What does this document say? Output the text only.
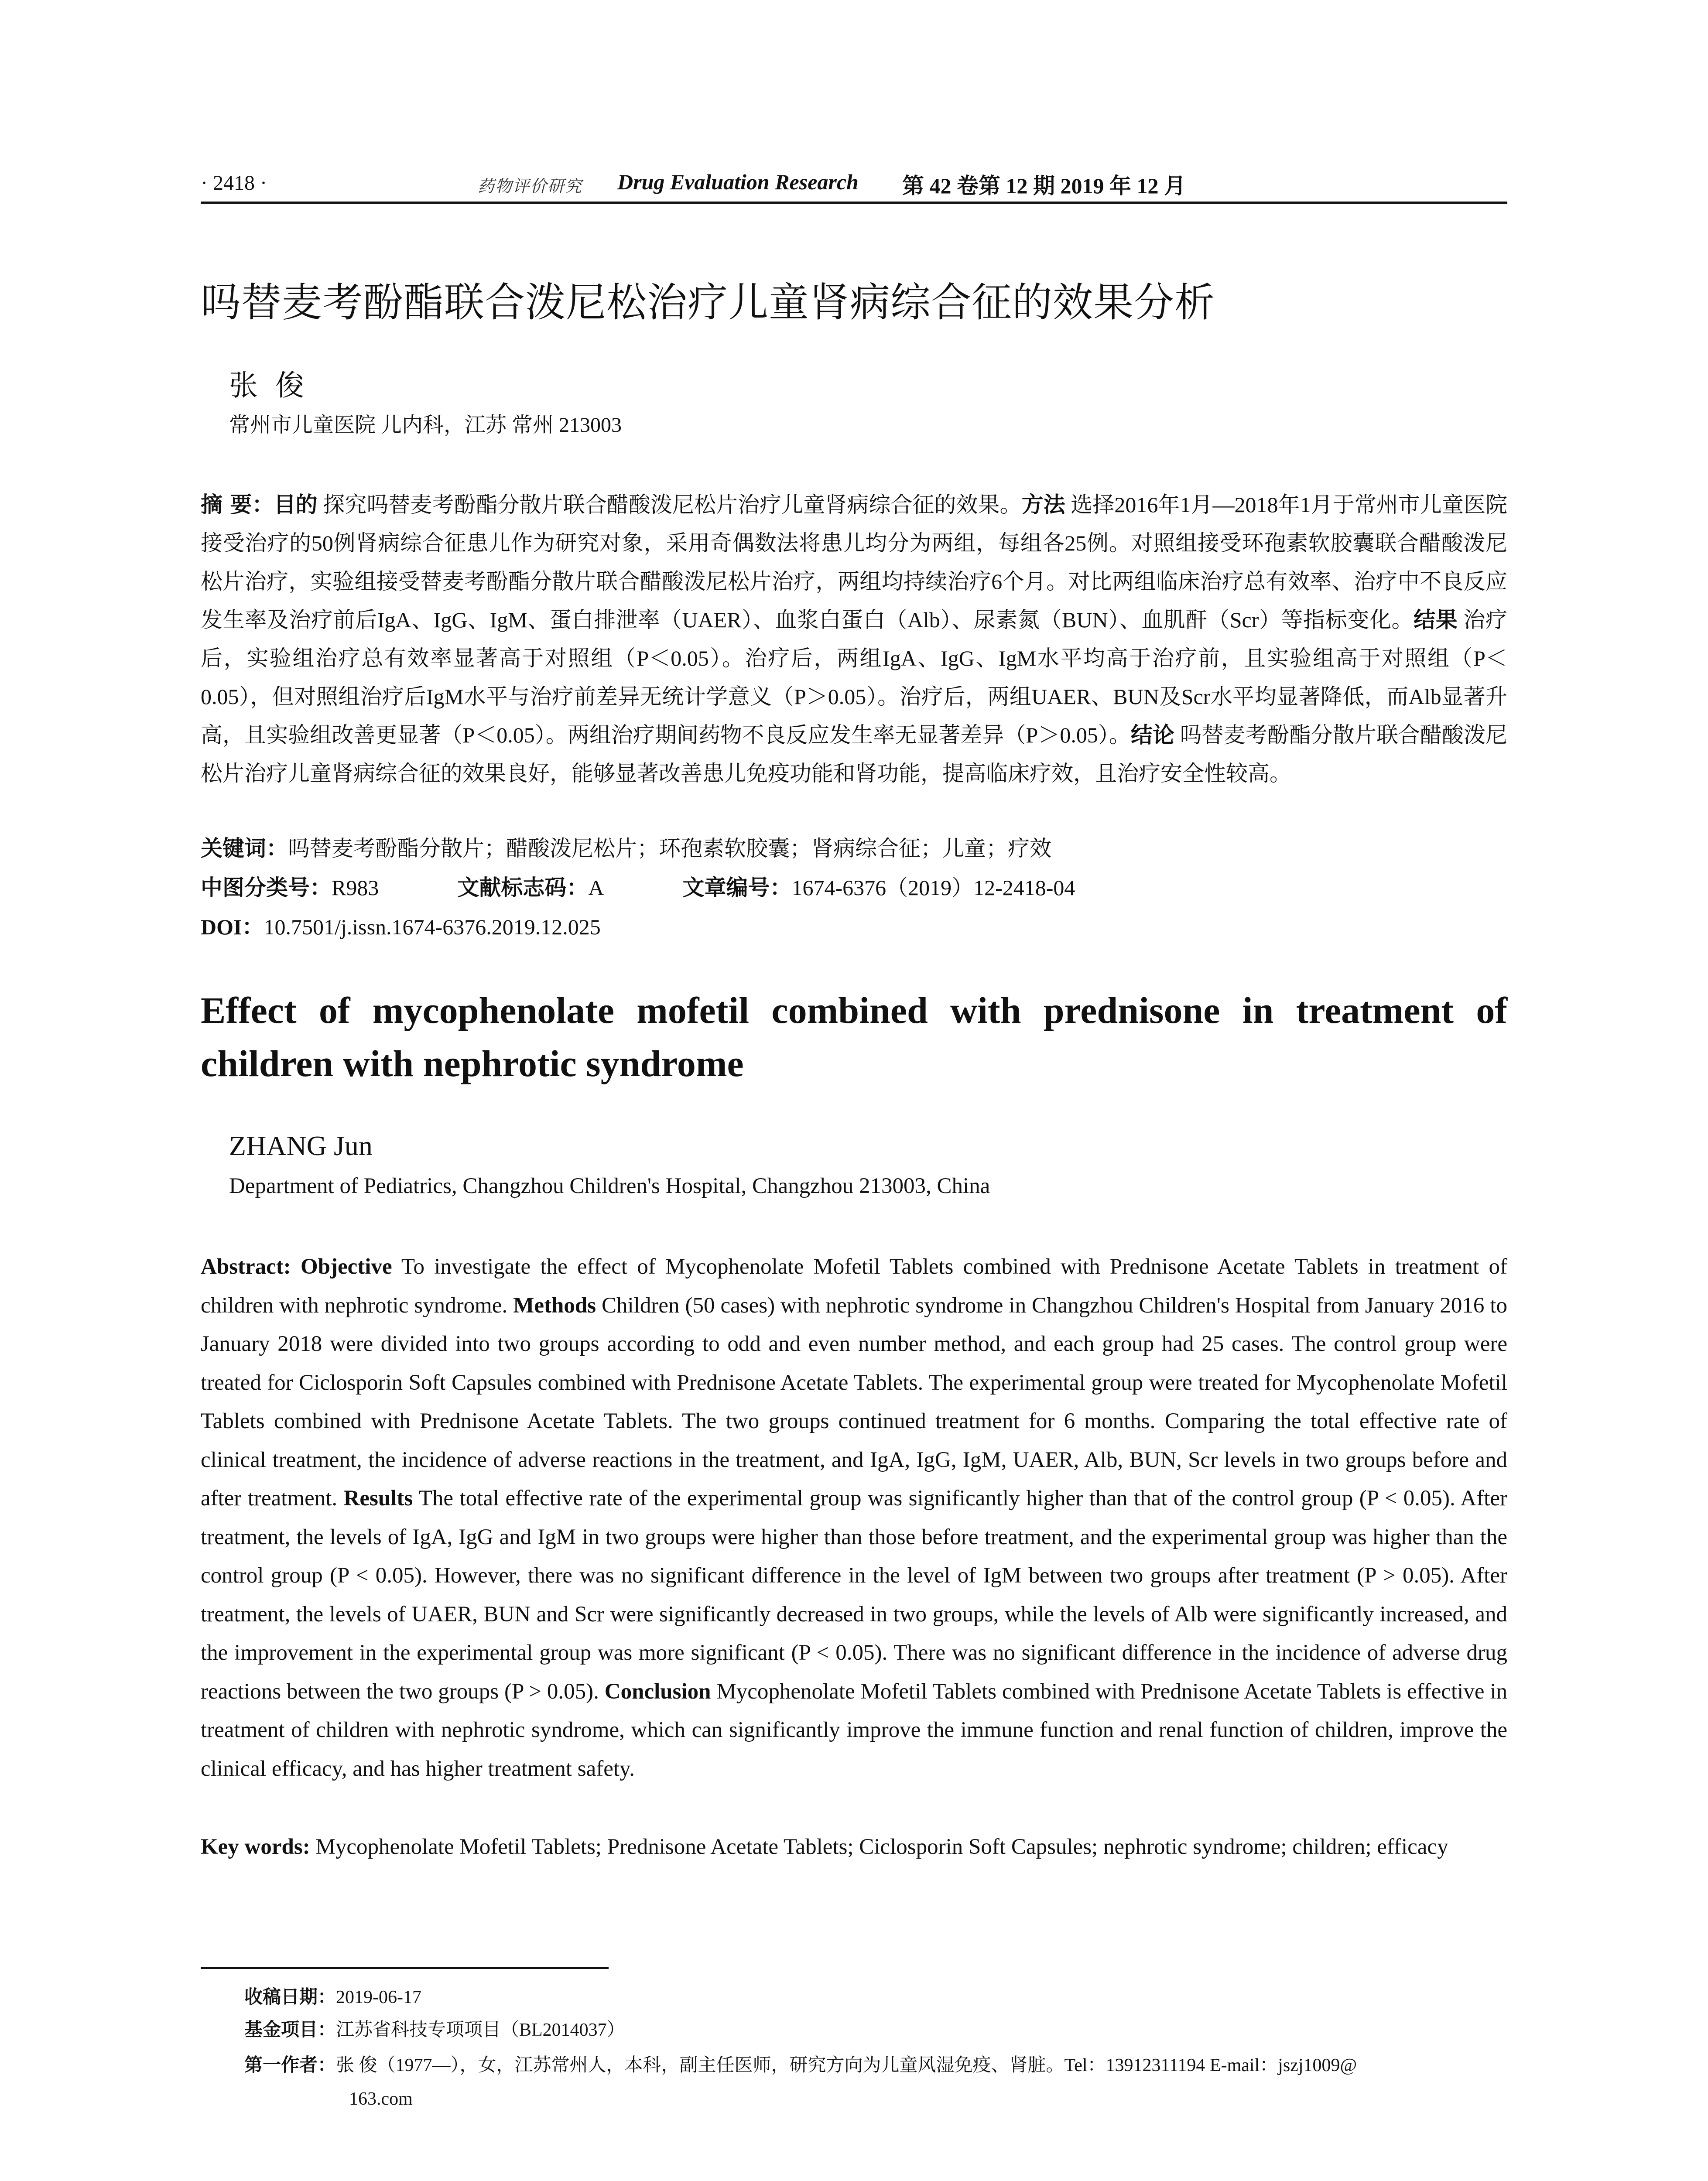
· 2418 ·	药物评价研究 Drug Evaluation Research 第 42 卷第 12 期 2019 年 12 月
吗替麦考酚酯联合泼尼松治疗儿童肾病综合征的效果分析
张俊
常州市儿童医院 儿内科，江苏 常州 213003
摘 要：目的 探究吗替麦考酚酯分散片联合醋酸泼尼松片治疗儿童肾病综合征的效果。方法 选择2016年1月—2018年1月于常州市儿童医院接受治疗的50例肾病综合征患儿作为研究对象，采用奇偶数法将患儿均分为两组，每组各25例。对照组接受环孢素软胶囊联合醋酸泼尼松片治疗，实验组接受替麦考酚酯分散片联合醋酸泼尼松片治疗，两组均持续治疗6个月。对比两组临床治疗总有效率、治疗中不良反应发生率及治疗前后IgA、IgG、IgM、蛋白排泄率（UAER）、血浆白蛋白（Alb）、尿素氮（BUN）、血肌酐（Scr）等指标变化。结果 治疗后，实验组治疗总有效率显著高于对照组（P＜0.05）。治疗后，两组IgA、IgG、IgM水平均高于治疗前，且实验组高于对照组（P＜0.05），但对照组治疗后IgM水平与治疗前差异无统计学意义（P＞0.05）。治疗后，两组UAER、BUN及Scr水平均显著降低，而Alb显著升高，且实验组改善更显著（P＜0.05）。两组治疗期间药物不良反应发生率无显著差异（P＞0.05）。结论 吗替麦考酚酯分散片联合醋酸泼尼松片治疗儿童肾病综合征的效果良好，能够显著改善患儿免疫功能和肾功能，提高临床疗效，且治疗安全性较高。
关键词：吗替麦考酚酯分散片；醋酸泼尼松片；环孢素软胶囊；肾病综合征；儿童；疗效
中图分类号：R983	文献标志码：A	文章编号：1674-6376（2019）12-2418-04
DOI：10.7501/j.issn.1674-6376.2019.12.025
Effect of mycophenolate mofetil combined with prednisone in treatment of children with nephrotic syndrome
ZHANG Jun
Department of Pediatrics, Changzhou Children's Hospital, Changzhou 213003, China
Abstract: Objective To investigate the effect of Mycophenolate Mofetil Tablets combined with Prednisone Acetate Tablets in treatment of children with nephrotic syndrome. Methods Children (50 cases) with nephrotic syndrome in Changzhou Children's Hospital from January 2016 to January 2018 were divided into two groups according to odd and even number method, and each group had 25 cases. The control group were treated for Ciclosporin Soft Capsules combined with Prednisone Acetate Tablets. The experimental group were treated for Mycophenolate Mofetil Tablets combined with Prednisone Acetate Tablets. The two groups continued treatment for 6 months. Comparing the total effective rate of clinical treatment, the incidence of adverse reactions in the treatment, and IgA, IgG, IgM, UAER, Alb, BUN, Scr levels in two groups before and after treatment. Results The total effective rate of the experimental group was significantly higher than that of the control group (P < 0.05). After treatment, the levels of IgA, IgG and IgM in two groups were higher than those before treatment, and the experimental group was higher than the control group (P < 0.05). However, there was no significant difference in the level of IgM between two groups after treatment (P > 0.05). After treatment, the levels of UAER, BUN and Scr were significantly decreased in two groups, while the levels of Alb were significantly increased, and the improvement in the experimental group was more significant (P < 0.05). There was no significant difference in the incidence of adverse drug reactions between the two groups (P > 0.05). Conclusion Mycophenolate Mofetil Tablets combined with Prednisone Acetate Tablets is effective in treatment of children with nephrotic syndrome, which can significantly improve the immune function and renal function of children, improve the clinical efficacy, and has higher treatment safety.
Key words: Mycophenolate Mofetil Tablets; Prednisone Acetate Tablets; Ciclosporin Soft Capsules; nephrotic syndrome; children; efficacy
收稿日期：2019-06-17
基金项目：江苏省科技专项项目（BL2014037）
第一作者：张 俊（1977—），女，江苏常州人，本科，副主任医师，研究方向为儿童风湿免疫、肾脏。Tel：13912311194 E-mail：jszj1009@
163.com
